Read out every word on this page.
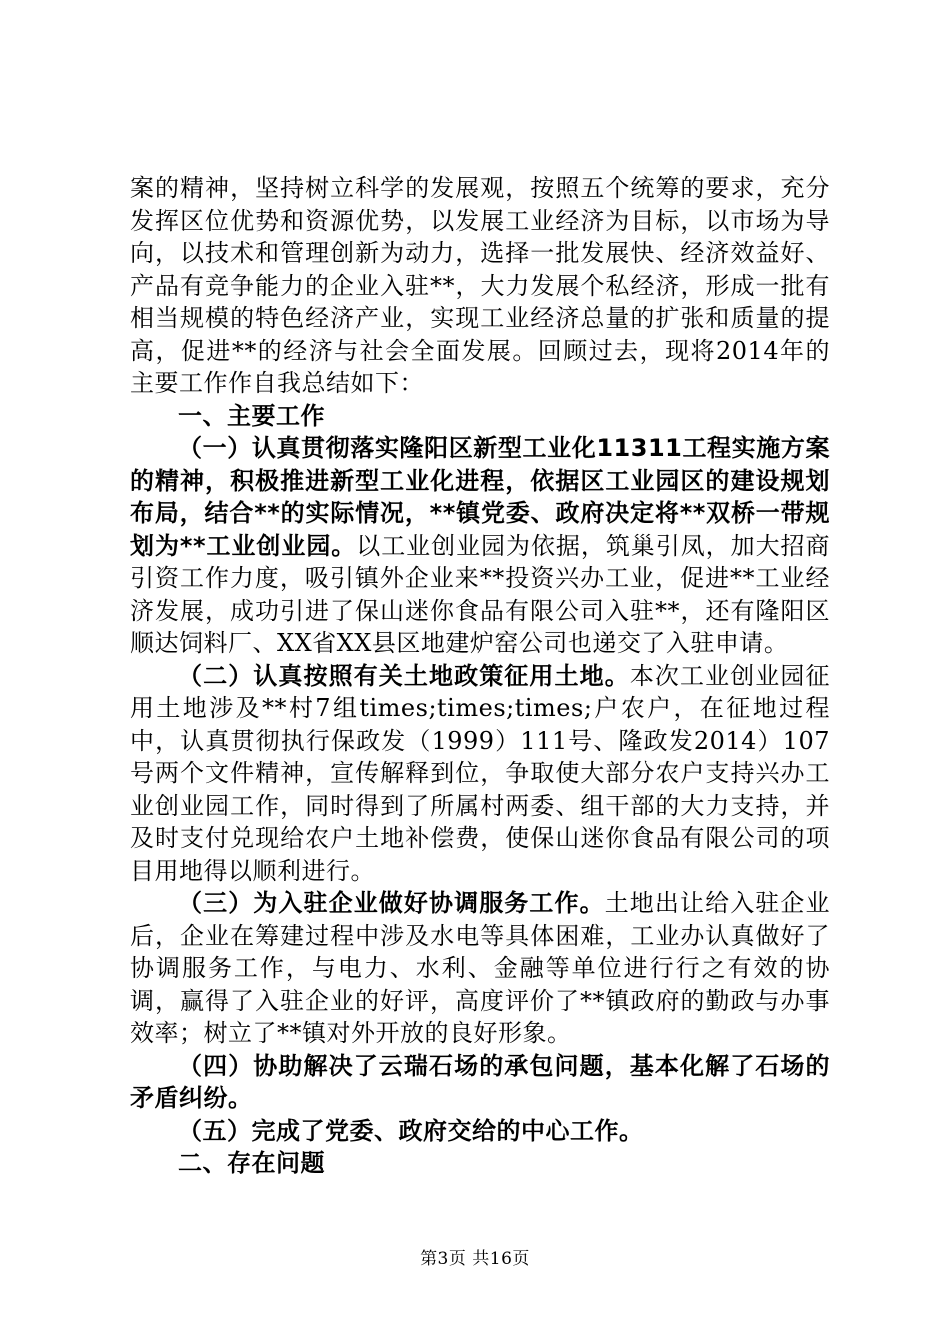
案的精神，坚持树立科学的发展观，按照五个统筹的要求，充分发挥区位优势和资源优势，以发展工业经济为目标，以市场为导向，以技术和管理创新为动力，选择一批发展快、经济效益好、产品有竞争能力的企业入驻**，大力发展个私经济，形成一批有相当规模的特色经济产业，实现工业经济总量的扩张和质量的提高，促进**的经济与社会全面发展。回顾过去，现将2014年的主要工作作自我总结如下：

一、主要工作

（一）认真贯彻落实隆阳区新型工业化11311工程实施方案的精神，积极推进新型工业化进程，依据区工业园区的建设规划布局，结合**的实际情况，**镇党委、政府决定将**双桥一带规划为**工业创业园。以工业创业园为依据，筑巢引凤，加大招商引资工作力度，吸引镇外企业来**投资兴办工业，促进**工业经济发展，成功引进了保山迷你食品有限公司入驻**，还有隆阳区顺达饲料厂、XX省XX县区地建炉窑公司也递交了入驻申请。

（二）认真按照有关土地政策征用土地。本次工业创业园征用土地涉及**村7组times;times;times;户农户，在征地过程中，认真贯彻执行保政发（1999）111号、隆政发2014）107号两个文件精神，宣传解释到位，争取使大部分农户支持兴办工业创业园工作，同时得到了所属村两委、组干部的大力支持，并及时支付兑现给农户土地补偿费，使保山迷你食品有限公司的项目用地得以顺利进行。

（三）为入驻企业做好协调服务工作。土地出让给入驻企业后，企业在筹建过程中涉及水电等具体困难，工业办认真做好了协调服务工作，与电力、水利、金融等单位进行行之有效的协调，赢得了入驻企业的好评，高度评价了**镇政府的勤政与办事效率；树立了**镇对外开放的良好形象。

（四）协助解决了云瑞石场的承包问题，基本化解了石场的矛盾纠纷。

（五）完成了党委、政府交给的中心工作。

二、存在问题

第3页 共16页
